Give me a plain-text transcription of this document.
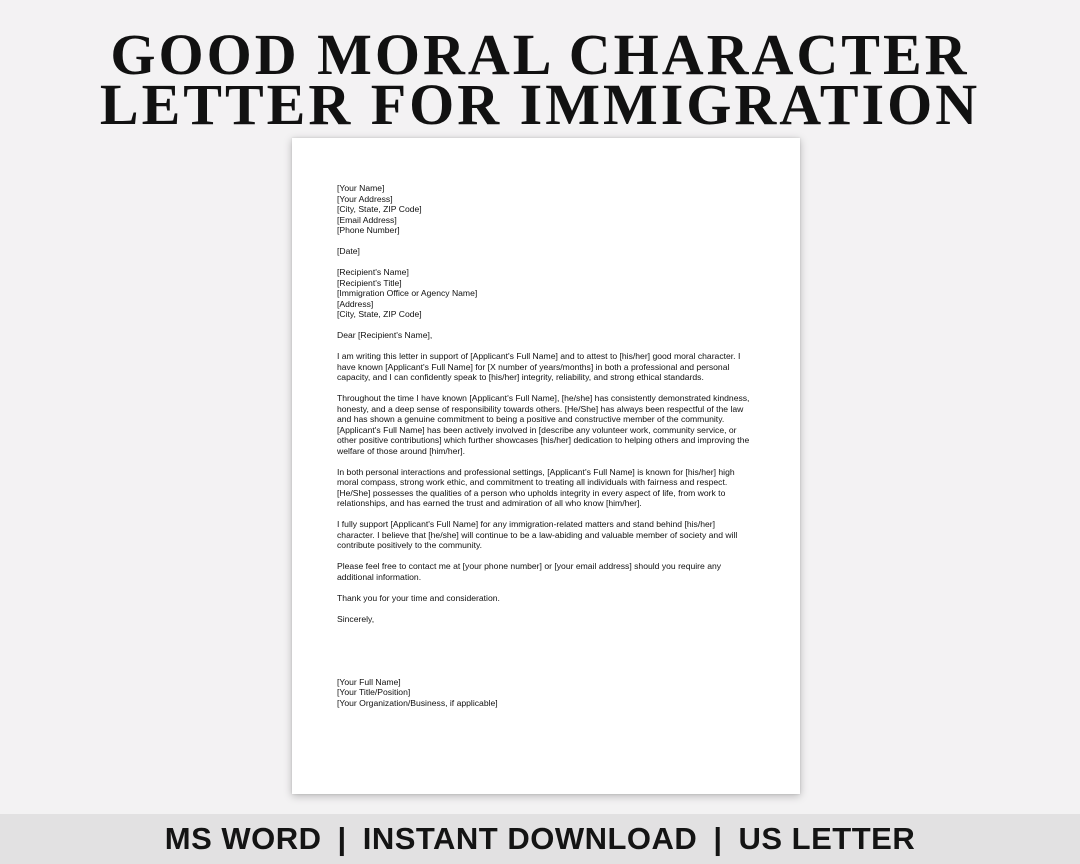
GOOD MORAL CHARACTER
LETTER FOR IMMIGRATION
[Your Name]
[Your Address]
[City, State, ZIP Code]
[Email Address]
[Phone Number]
[Date]
[Recipient's Name]
[Recipient's Title]
[Immigration Office or Agency Name]
[Address]
[City, State, ZIP Code]
Dear [Recipient's Name],
I am writing this letter in support of [Applicant's Full Name] and to attest to [his/her] good moral character. I have known [Applicant's Full Name] for [X number of years/months] in both a professional and personal capacity, and I can confidently speak to [his/her] integrity, reliability, and strong ethical standards.
Throughout the time I have known [Applicant's Full Name], [he/she] has consistently demonstrated kindness, honesty, and a deep sense of responsibility towards others. [He/She] has always been respectful of the law and has shown a genuine commitment to being a positive and constructive member of the community. [Applicant's Full Name] has been actively involved in [describe any volunteer work, community service, or other positive contributions] which further showcases [his/her] dedication to helping others and improving the welfare of those around [him/her].
In both personal interactions and professional settings, [Applicant's Full Name] is known for [his/her] high moral compass, strong work ethic, and commitment to treating all individuals with fairness and respect. [He/She] possesses the qualities of a person who upholds integrity in every aspect of life, from work to relationships, and has earned the trust and admiration of all who know [him/her].
I fully support [Applicant's Full Name] for any immigration-related matters and stand behind [his/her] character. I believe that [he/she] will continue to be a law-abiding and valuable member of society and will contribute positively to the community.
Please feel free to contact me at [your phone number] or [your email address] should you require any additional information.
Thank you for your time and consideration.
Sincerely,
[Your Full Name]
[Your Title/Position]
[Your Organization/Business, if applicable]
MS WORD | INSTANT DOWNLOAD | US LETTER
